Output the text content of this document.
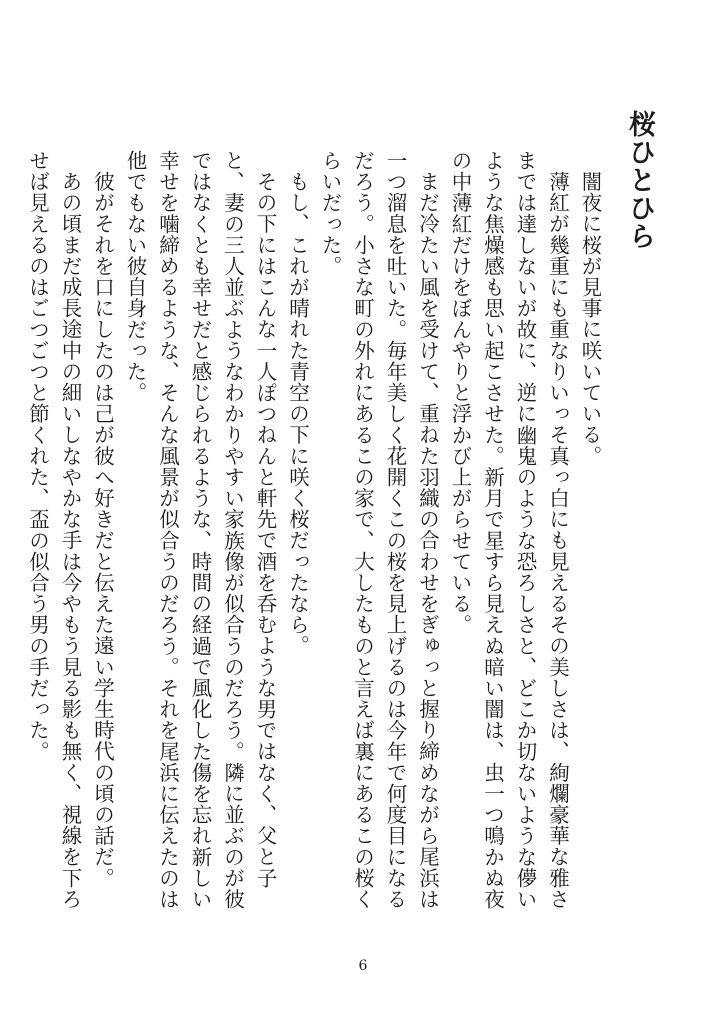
桜ひとひら

闇夜に桜が見事に咲いている。

薄紅が幾重にも重なりいっそ真っ白にも見えるその美しさは、絢爛豪華な雅さまでは達しないが故に、逆に幽鬼のような恐ろしさと、どこか切ないような儚いような焦燥感も思い起こさせた。新月で星すら見えぬ暗い闇は、虫一つ鳴かぬ夜の中薄紅だけをぼんやりと浮かび上がらせている。

まだ冷たい風を受けて、重ねた羽織の合わせをぎゅっと握り締めながら尾浜は一つ溜息を吐いた。毎年美しく花開くこの桜を見上げるのは今年で何度目になるだろう。小さな町の外れにあるこの家で、大したものと言えば裏にあるこの桜くらいだった。

もし、これが晴れた青空の下に咲く桜だったなら。

その下にはこんな一人ぽつねんと軒先で酒を呑むような男ではなく、父と子と、妻の三人並ぶようなわかりやすい家族像が似合うのだろう。隣に並ぶのが彼ではなくとも幸せだと感じられるような、時間の経過で風化した傷を忘れ新しい幸せを噛締めるような、そんな風景が似合うのだろう。それを尾浜に伝えたのは他でもない彼自身だった。

彼がそれを口にしたのは己が彼へ好きだと伝えた遠い学生時代の頃の話だ。

あの頃まだ成長途中の細いしなやかな手は今やもう見る影も無く、視線を下ろせば見えるのはごつごつと節くれた、盃の似合う男の手だった。

6
